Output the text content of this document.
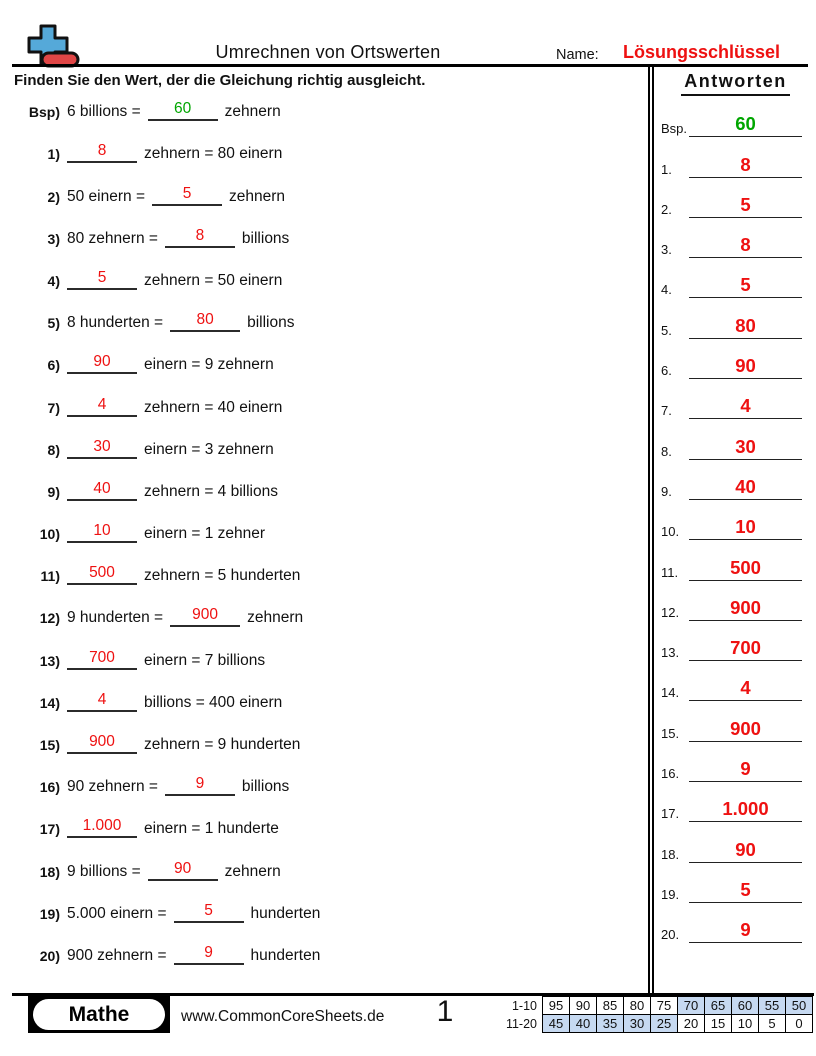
Umrechnen von Ortswerten	Name: Lösungsschlüssel
Finden Sie den Wert, der die Gleichung richtig ausgleicht.
Bsp) 6 billions =	60	zehnern
1)	8	zehnern = 80 einern
2) 50 einern =	5	zehnern
3) 80 zehnern =	8	billions
4)	5	zehnern = 50 einern
5) 8 hunderten =	80	billions
6)	90	einern = 9 zehnern
7)	4	zehnern = 40 einern
8)	30	einern = 3 zehnern
9)	40	zehnern = 4 billions
10)	10	einern = 1 zehner
11)	500	zehnern = 5 hunderten
12) 9 hunderten =	900	zehnern
13)	700	einern = 7 billions
14)	4	billions = 400 einern
15)	900	zehnern = 9 hunderten
16) 90 zehnern =	9	billions
17)	1.000	einern = 1 hunderte
18) 9 billions =	90	zehnern
19) 5.000 einern =	5	hunderten
20) 900 zehnern =	9	hunderten
Antworten
Bsp.	60
1.	8
2.	5
3.	8
4.	5
5.	80
6.	90
7.	4
8.	30
9.	40
10.	10
11.	500
12.	900
13.	700
14.	4
15.	900
16.	9
17.	1.000
18.	90
19.	5
20.	9
Mathe	www.CommonCoreSheets.de	1	1-10	95	90	85	80	75	70	65	60	55	50
11-20	45	40	35	30	25	20	15	10	5	0
